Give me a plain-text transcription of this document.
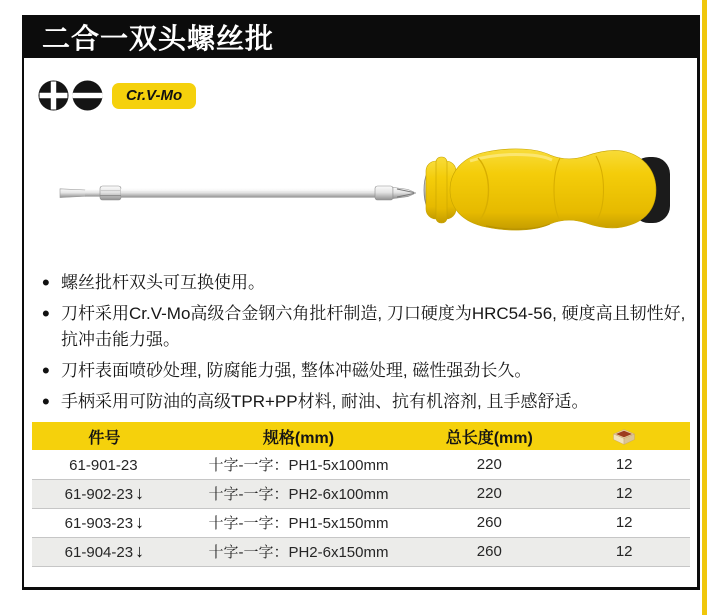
二合一双头螺丝批
Cr.V-Mo
• 螺丝批杆双头可互换使用。
• 刀杆采用Cr.V-Mo高级合金钢六角批杆制造, 刀口硬度为HRC54-56, 硬度高且韧性好, 抗冲击能力强。
• 刀杆表面喷砂处理, 防腐能力强, 整体冲磁处理, 磁性强劲长久。
• 手柄采用可防油的高级TPR+PP材料, 耐油、抗有机溶剂, 且手感舒适。
件号	规格(mm)	总长度(mm)	
61-901-23	十字-一字：PH1-5x100mm	220	12
61-902-23 ↓	十字-一字：PH2-6x100mm	220	12
61-903-23 ↓	十字-一字：PH1-5x150mm	260	12
61-904-23 ↓	十字-一字：PH2-6x150mm	260	12
